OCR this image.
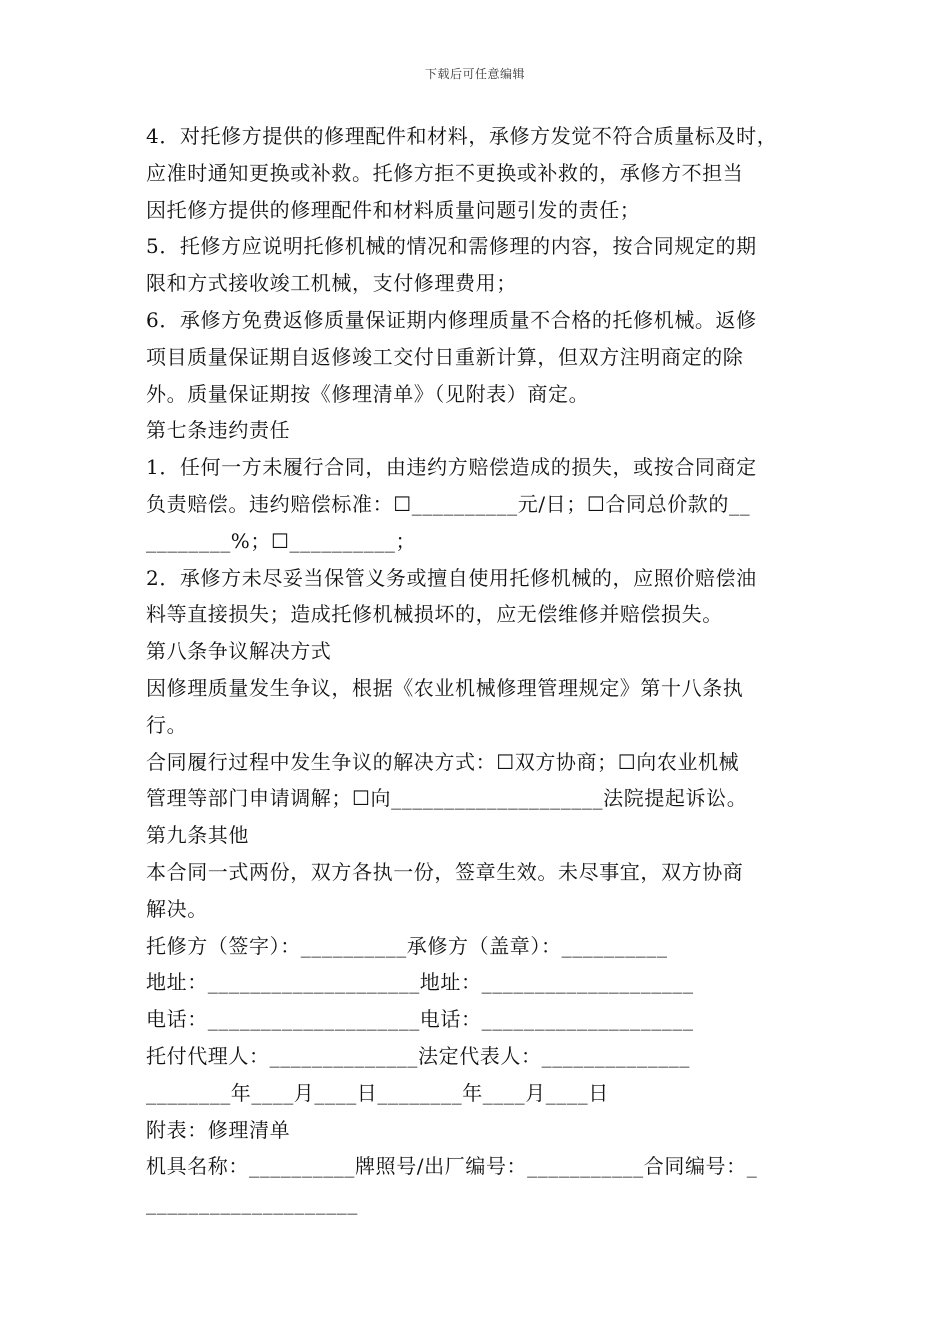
下载后可任意编辑
4．对托修方提供的修理配件和材料，承修方发觉不符合质量标及时，
应准时通知更换或补救。托修方拒不更换或补救的，承修方不担当
因托修方提供的修理配件和材料质量问题引发的责任；
5．托修方应说明托修机械的情况和需修理的内容，按合同规定的期
限和方式接收竣工机械，支付修理费用；
6．承修方免费返修质量保证期内修理质量不合格的托修机械。返修
项目质量保证期自返修竣工交付日重新计算，但双方注明商定的除
外。质量保证期按《修理清单》（见附表）商定。
第七条违约责任
1．任何一方未履行合同，由违约方赔偿造成的损失，或按合同商定
负责赔偿。违约赔偿标准：☐__________元/日；☐合同总价款的__
________%；☐__________；
2．承修方未尽妥当保管义务或擅自使用托修机械的，应照价赔偿油
料等直接损失；造成托修机械损坏的，应无偿维修并赔偿损失。
第八条争议解决方式
因修理质量发生争议，根据《农业机械修理管理规定》第十八条执
行。
合同履行过程中发生争议的解决方式：☐双方协商；☐向农业机械
管理等部门申请调解；☐向____________________法院提起诉讼。
第九条其他
本合同一式两份，双方各执一份，签章生效。未尽事宜，双方协商
解决。
托修方（签字）：__________承修方（盖章）：__________
地址：____________________地址：____________________
电话：____________________电话：____________________
托付代理人：______________法定代表人：______________
________年____月____日________年____月____日
附表：修理清单
机具名称：__________牌照号/出厂编号：___________合同编号：_
____________________
